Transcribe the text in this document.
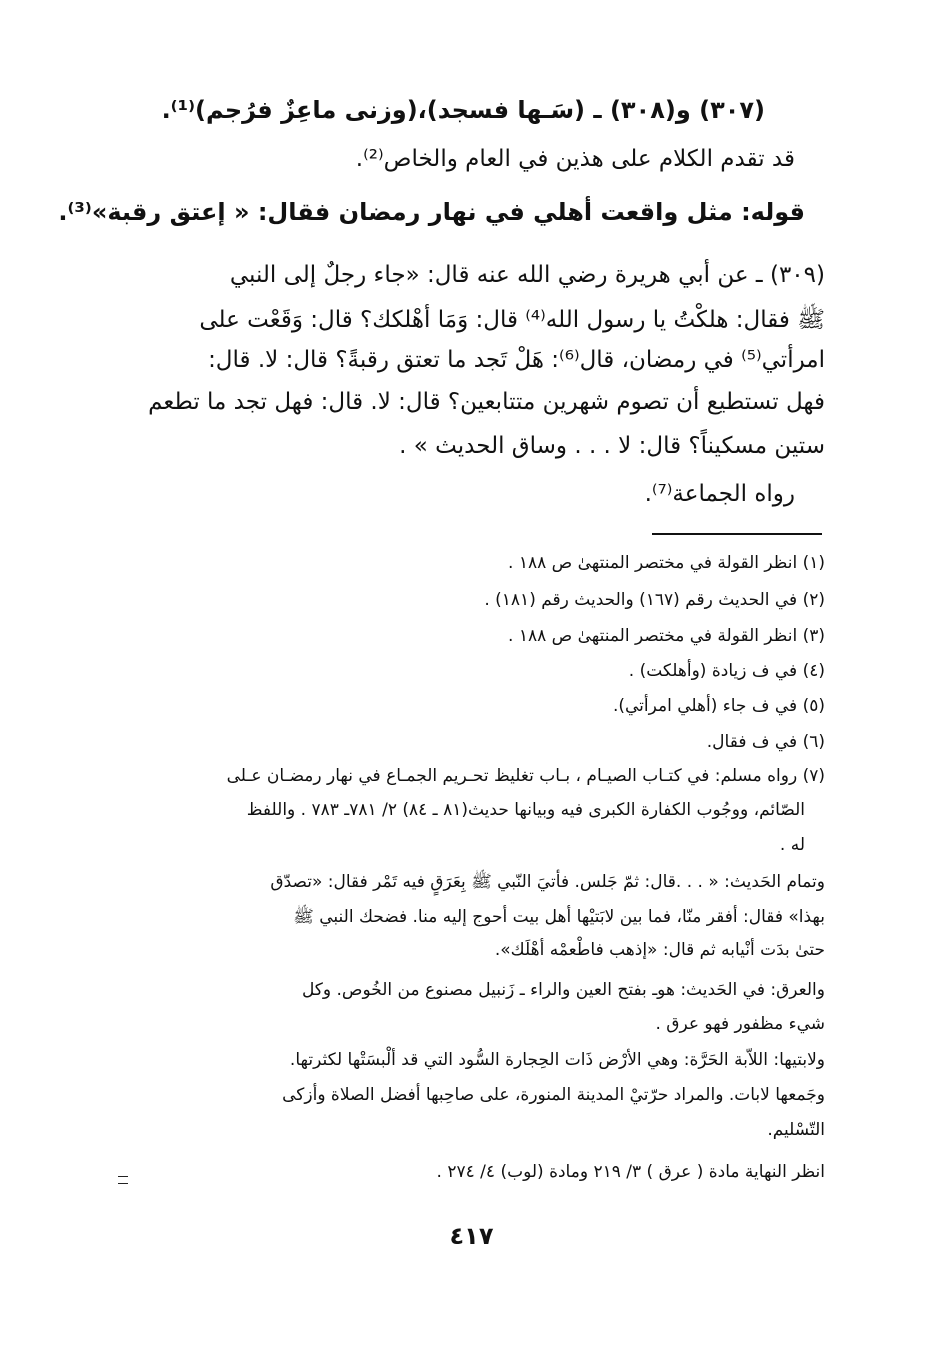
(٣٠٧) و(٣٠٨) ـ (سَـها فسجد)،(وزنى ماعِزٌ فرُجم)⁽¹⁾.
قد تقدم الكلام على هذين في العام والخاص⁽²⁾.
قوله: مثل واقعت أهلي في نهار رمضان فقال: « إعتق رقبة»⁽³⁾.
(٣٠٩) ـ عن أبي هريرة رضي الله عنه قال: «جاء رجلٌ إلى النبي
ﷺ فقال: هلكْتُ يا رسول الله⁽⁴⁾ قال: وَمَا أهْلكك؟ قال: وَقَعْت على
امرأتي⁽⁵⁾ في رمضان، قال⁽⁶⁾: هَلْ تَجد ما تعتق رقبةً؟ قال: لا. قال:
فهل تستطيع أن تصوم شهرين متتابعين؟ قال: لا. قال: فهل تجد ما تطعم
ستين مسكيناً؟ قال: لا . . . وساق الحديث » .
رواه الجماعة⁽⁷⁾.
(١) انظر القولة في مختصر المنتهىٰ ص ١٨٨ .
(٢) في الحديث رقم (١٦٧) والحديث رقم (١٨١) .
(٣) انظر القولة في مختصر المنتهىٰ ص ١٨٨ .
(٤) في ف زيادة (وأهلكت) .
(٥) في ف جاء (أهلي امرأتي).
(٦) في ف فقال.
(٧) رواه مسلم: في كتـاب الصيـام ، بـاب تغليظ تحـريم الجمـاع في نهار رمضـان عـلى
الصّائم، ووجُوب الكفارة الكبرى فيه وبيانها حديث(٨١ ـ ٨٤) ٢/ ٧٨١ـ ٧٨٣ . واللفظ
له .
وتمام الحَديث: « . . .قال: ثمّ جَلس. فأتيَ النّبي ﷺ بِعَرَقٍ فيه تَمْر فقال: «تصدّق
بهذا» فقال: أفقر منّا، فما بين لابَتيْها أهل بيت أحوج إليه منا. فضحك النبي ﷺ
حتىٰ بدَت أنْيابه ثم قال: «إذهب فاطْعمْه أهْلَك».
والعرق: في الحَديث: هوـ بفتح العين والراء ـ زَنبيل مصنوع من الخُوص. وكل
شيء مظفور فهو عرق .
ولابتيها: اللاّبة الحَرَّة: وهي الأرْض ذَات الحِجارة السُّود التي قد ألْبسَتْها لكثرتها.
وجَمعها لابات. والمراد حرّتيْ المدينة المنورة، على صاحِبها أفضل الصلاة وأزكى
التّسْليم.
انظر النهاية مادة ( عرق ) ٣/ ٢١٩ ومادة (لوب) ٤/ ٢٧٤ .
٤١٧
